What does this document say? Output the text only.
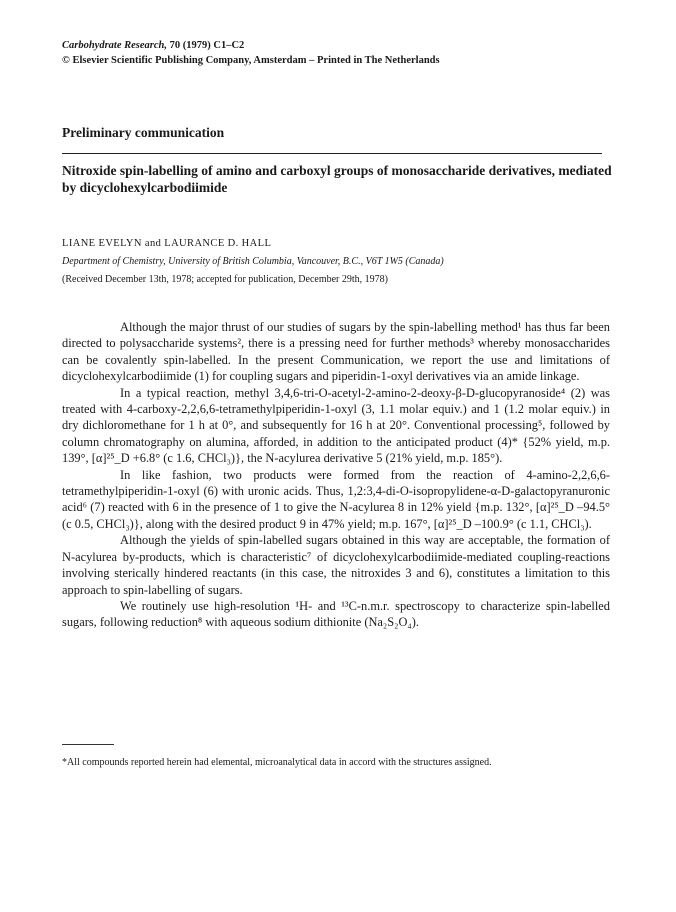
Carbohydrate Research, 70 (1979) C1–C2
© Elsevier Scientific Publishing Company, Amsterdam – Printed in The Netherlands
Preliminary communication
Nitroxide spin-labelling of amino and carboxyl groups of monosaccharide derivatives, mediated by dicyclohexylcarbodiimide
LIANE EVELYN and LAURANCE D. HALL
Department of Chemistry, University of British Columbia, Vancouver, B.C., V6T 1W5 (Canada)
(Received December 13th, 1978; accepted for publication, December 29th, 1978)

Although the major thrust of our studies of sugars by the spin-labelling method¹ has thus far been directed to polysaccharide systems², there is a pressing need for further methods³ whereby monosaccharides can be covalently spin-labelled. In the present Communication, we report the use and limitations of dicyclohexylcarbodiimide (1) for coupling sugars and piperidin-1-oxyl derivatives via an amide linkage.

In a typical reaction, methyl 3,4,6-tri-O-acetyl-2-amino-2-deoxy-β-D-glucopyranoside⁴ (2) was treated with 4-carboxy-2,2,6,6-tetramethylpiperidin-1-oxyl (3, 1.1 molar equiv.) and 1 (1.2 molar equiv.) in dry dichloromethane for 1 h at 0°, and subsequently for 16 h at 20°. Conventional processing⁵, followed by column chromatography on alumina, afforded, in addition to the anticipated product (4)* {52% yield, m.p. 139°, [α]²⁵_D +6.8° (c 1.6, CHCl₃)}, the N-acylurea derivative 5 (21% yield, m.p. 185°).

In like fashion, two products were formed from the reaction of 4-amino-2,2,6,6-tetramethylpiperidin-1-oxyl (6) with uronic acids. Thus, 1,2:3,4-di-O-isopropylidene-α-D-galactopyranuronic acid⁶ (7) reacted with 6 in the presence of 1 to give the N-acylurea 8 in 12% yield {m.p. 132°, [α]²⁵_D –94.5° (c 0.5, CHCl₃)}, along with the desired product 9 in 47% yield; m.p. 167°, [α]²⁵_D –100.9° (c 1.1, CHCl₃).

Although the yields of spin-labelled sugars obtained in this way are acceptable, the formation of N-acylurea by-products, which is characteristic⁷ of dicyclohexylcarbodiimide-mediated coupling-reactions involving sterically hindered reactants (in this case, the nitroxides 3 and 6), constitutes a limitation to this approach to spin-labelling of sugars.

We routinely use high-resolution ¹H- and ¹³C-n.m.r. spectroscopy to characterize spin-labelled sugars, following reduction⁸ with aqueous sodium dithionite (Na₂S₂O₄).

*All compounds reported herein had elemental, microanalytical data in accord with the structures assigned.
